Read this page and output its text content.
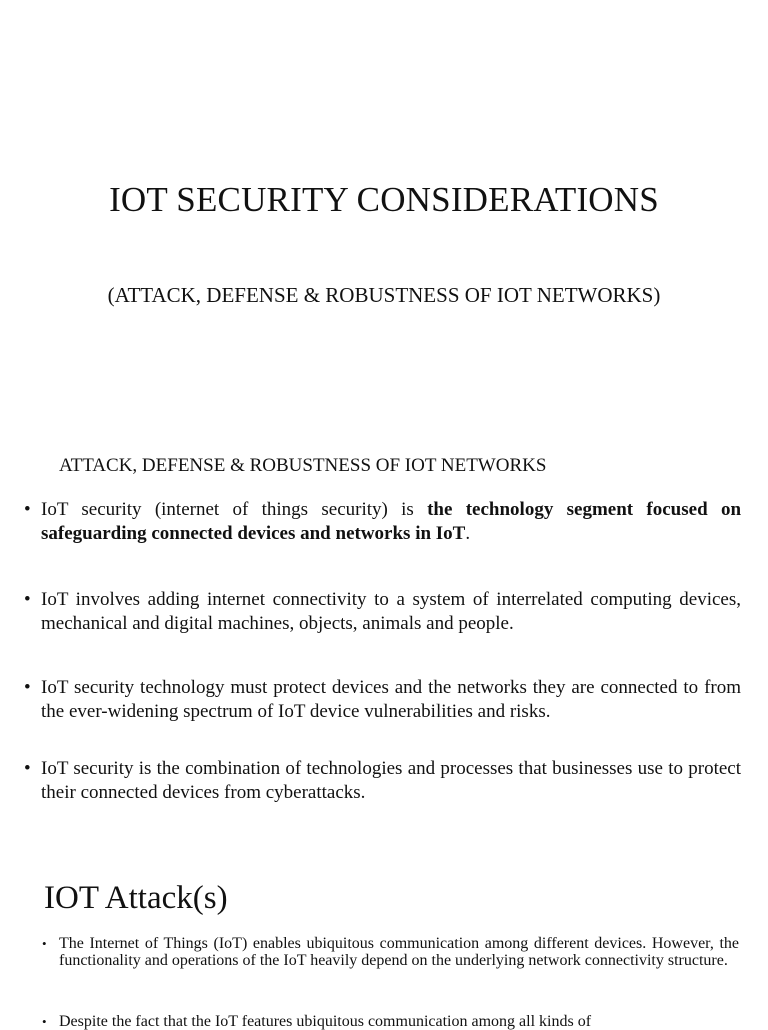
IOT SECURITY CONSIDERATIONS
(ATTACK, DEFENSE & ROBUSTNESS OF IOT NETWORKS)
ATTACK, DEFENSE & ROBUSTNESS OF IOT NETWORKS
• IoT security (internet of things security) is the technology segment focused on safeguarding connected devices and networks in IoT.
• IoT involves adding internet connectivity to a system of interrelated computing devices, mechanical and digital machines, objects, animals and people.
• IoT security technology must protect devices and the networks they are connected to from the ever-widening spectrum of IoT device vulnerabilities and risks.
• IoT security is the combination of technologies and processes that businesses use to protect their connected devices from cyberattacks.
IOT Attack(s)
• The Internet of Things (IoT) enables ubiquitous communication among different devices. However, the functionality and operations of the IoT heavily depend on the underlying network connectivity structure.
• Despite the fact that the IoT features ubiquitous communication among all kinds of
